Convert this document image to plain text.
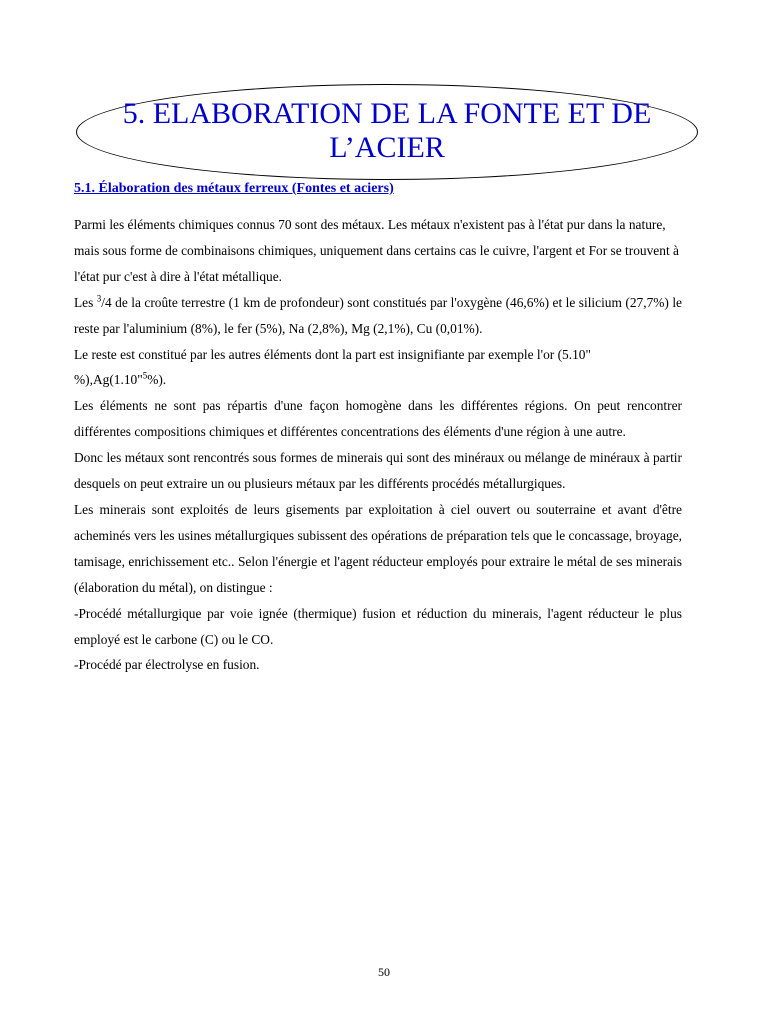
5. ELABORATION DE LA FONTE ET DE
L’ACIER
5.1. Élaboration des métaux ferreux (Fontes et aciers)

Parmi les éléments chimiques connus 70 sont des métaux. Les métaux n'existent pas à l'état pur dans la nature, mais sous forme de combinaisons chimiques, uniquement dans certains cas le cuivre, l'argent et For se trouvent à l'état pur c'est à dire à l'état métallique.

Les $^3$/4 de la croûte terrestre (1 km de profondeur) sont constitués par l'oxygène (46,6%) et le silicium (27,7%) le reste par l'aluminium (8%), le fer (5%), Na (2,8%), Mg (2,1%), Cu (0,01%).

Le reste est constitué par les autres éléments dont la part est insignifiante par exemple l'or (5.10" %),Ag(1.10"$^5$%).

Les éléments ne sont pas répartis d'une façon homogène dans les différentes régions. On peut rencontrer différentes compositions chimiques et différentes concentrations des éléments d'une région à une autre.

Donc les métaux sont rencontrés sous formes de minerais qui sont des minéraux ou mélange de minéraux à partir desquels on peut extraire un ou plusieurs métaux par les différents procédés métallurgiques.

Les minerais sont exploités de leurs gisements par exploitation à ciel ouvert ou souterraine et avant d'être acheminés vers les usines métallurgiques subissent des opérations de préparation tels que le concassage, broyage, tamisage, enrichissement etc.. Selon l'énergie et l'agent réducteur employés pour extraire le métal de ses minerais (élaboration du métal), on distingue :

-Procédé métallurgique par voie ignée (thermique) fusion et réduction du minerais, l'agent réducteur le plus employé est le carbone (C) ou le CO.

-Procédé par électrolyse en fusion.

50
